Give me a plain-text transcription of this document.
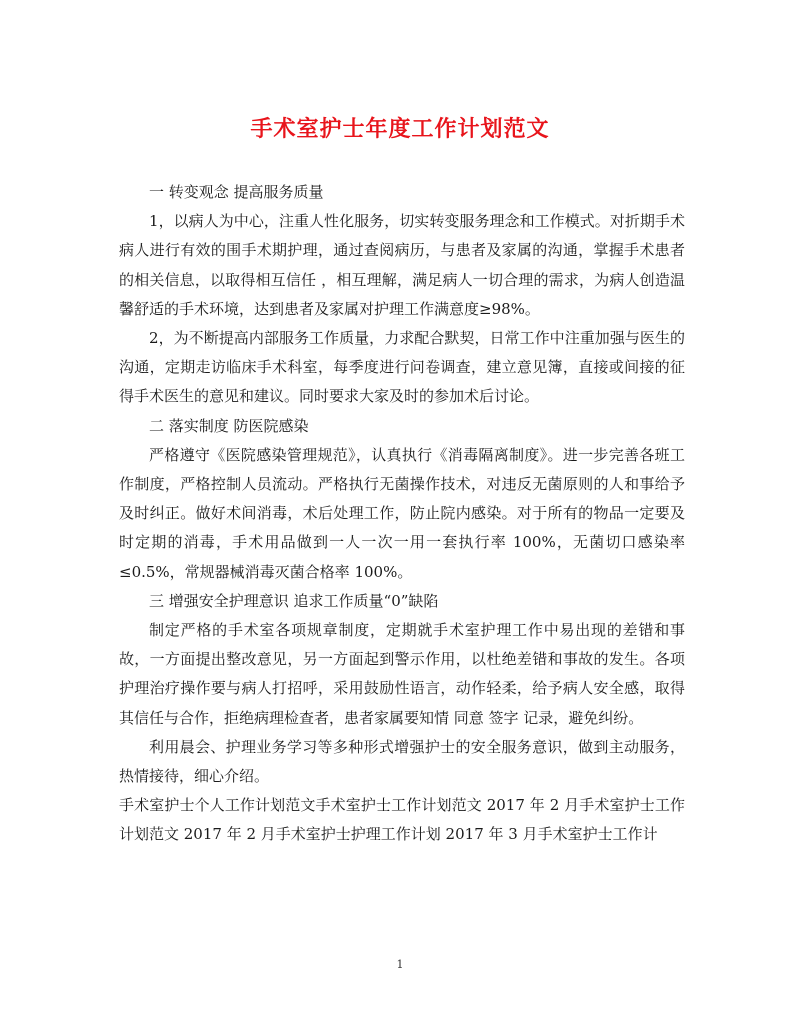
手术室护士年度工作计划范文

一 转变观念 提高服务质量

1，以病人为中心，注重人性化服务，切实转变服务理念和工作模式。对折期手术病人进行有效的围手术期护理，通过查阅病历，与患者及家属的沟通，掌握手术患者的相关信息，以取得相互信任 ，相互理解，满足病人一切合理的需求，为病人创造温馨舒适的手术环境，达到患者及家属对护理工作满意度≥98%。

2，为不断提高内部服务工作质量，力求配合默契，日常工作中注重加强与医生的沟通，定期走访临床手术科室，每季度进行问卷调查，建立意见簿，直接或间接的征得手术医生的意见和建议。同时要求大家及时的参加术后讨论。

二 落实制度 防医院感染

严格遵守《医院感染管理规范》，认真执行《消毒隔离制度》。进一步完善各班工作制度，严格控制人员流动。严格执行无菌操作技术，对违反无菌原则的人和事给予及时纠正。做好术间消毒，术后处理工作，防止院内感染。对于所有的物品一定要及时定期的消毒，手术用品做到一人一次一用一套执行率 100%，无菌切口感染率≤0.5%，常规器械消毒灭菌合格率 100%。

三 增强安全护理意识 追求工作质量“0”缺陷

制定严格的手术室各项规章制度，定期就手术室护理工作中易出现的差错和事故，一方面提出整改意见，另一方面起到警示作用，以杜绝差错和事故的发生。各项护理治疗操作要与病人打招呼，采用鼓励性语言，动作轻柔，给予病人安全感，取得其信任与合作，拒绝病理检查者，患者家属要知情 同意 签字 记录，避免纠纷。

利用晨会、护理业务学习等多种形式增强护士的安全服务意识，做到主动服务，热情接待，细心介绍。

手术室护士个人工作计划范文手术室护士工作计划范文 2017 年 2 月手术室护士工作计划范文 2017 年 2 月手术室护士护理工作计划 2017 年 3 月手术室护士工作计

1
